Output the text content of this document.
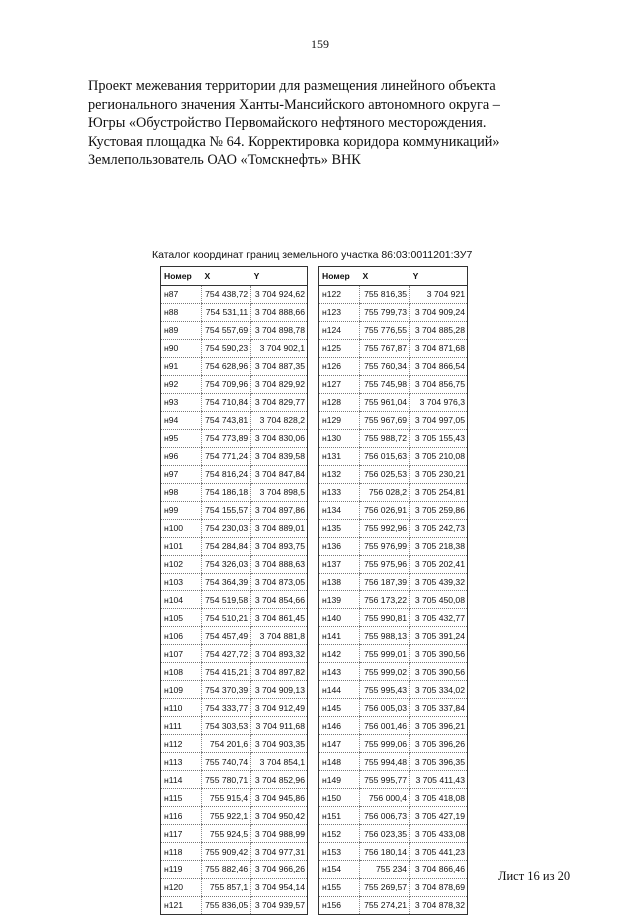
159
Проект межевания территории для размещения линейного объекта
регионального значения Ханты-Мансийского автономного округа –
Югры «Обустройство Первомайского нефтяного месторождения.
Кустовая площадка № 64. Корректировка коридора коммуникаций»
Землепользователь ОАО «Томскнефть» ВНК
Каталог координат границ земельного участка 86:03:0011201:ЗУ7
Номер	X	Y
н87	754 438,72	3 704 924,62
н88	754 531,11	3 704 888,66
н89	754 557,69	3 704 898,78
н90	754 590,23	3 704 902,1
н91	754 628,96	3 704 887,35
н92	754 709,96	3 704 829,92
н93	754 710,84	3 704 829,77
н94	754 743,81	3 704 828,2
н95	754 773,89	3 704 830,06
н96	754 771,24	3 704 839,58
н97	754 816,24	3 704 847,84
н98	754 186,18	3 704 898,5
н99	754 155,57	3 704 897,86
н100	754 230,03	3 704 889,01
н101	754 284,84	3 704 893,75
н102	754 326,03	3 704 888,63
н103	754 364,39	3 704 873,05
н104	754 519,58	3 704 854,66
н105	754 510,21	3 704 861,45
н106	754 457,49	3 704 881,8
н107	754 427,72	3 704 893,32
н108	754 415,21	3 704 897,82
н109	754 370,39	3 704 909,13
н110	754 333,77	3 704 912,49
н111	754 303,53	3 704 911,68
н112	754 201,6	3 704 903,35
н113	755 740,74	3 704 854,1
н114	755 780,71	3 704 852,96
н115	755 915,4	3 704 945,86
н116	755 922,1	3 704 950,42
н117	755 924,5	3 704 988,99
н118	755 909,42	3 704 977,31
н119	755 882,46	3 704 966,26
н120	755 857,1	3 704 954,14
н121	755 836,05	3 704 939,57
Номер	X	Y
н122	755 816,35	3 704 921
н123	755 799,73	3 704 909,24
н124	755 776,55	3 704 885,28
н125	755 767,87	3 704 871,68
н126	755 760,34	3 704 866,54
н127	755 745,98	3 704 856,75
н128	755 961,04	3 704 976,3
н129	755 967,69	3 704 997,05
н130	755 988,72	3 705 155,43
н131	756 015,63	3 705 210,08
н132	756 025,53	3 705 230,21
н133	756 028,2	3 705 254,81
н134	756 026,91	3 705 259,86
н135	755 992,96	3 705 242,73
н136	755 976,99	3 705 218,38
н137	755 975,96	3 705 202,41
н138	756 187,39	3 705 439,32
н139	756 173,22	3 705 450,08
н140	755 990,81	3 705 432,77
н141	755 988,13	3 705 391,24
н142	755 999,01	3 705 390,56
н143	755 999,02	3 705 390,56
н144	755 995,43	3 705 334,02
н145	756 005,03	3 705 337,84
н146	756 001,46	3 705 396,21
н147	755 999,06	3 705 396,26
н148	755 994,48	3 705 396,35
н149	755 995,77	3 705 411,43
н150	756 000,4	3 705 418,08
н151	756 006,73	3 705 427,19
н152	756 023,35	3 705 433,08
н153	756 180,14	3 705 441,23
н154	755 234	3 704 866,46
н155	755 269,57	3 704 878,69
н156	755 274,21	3 704 878,32
Лист 16 из 20
